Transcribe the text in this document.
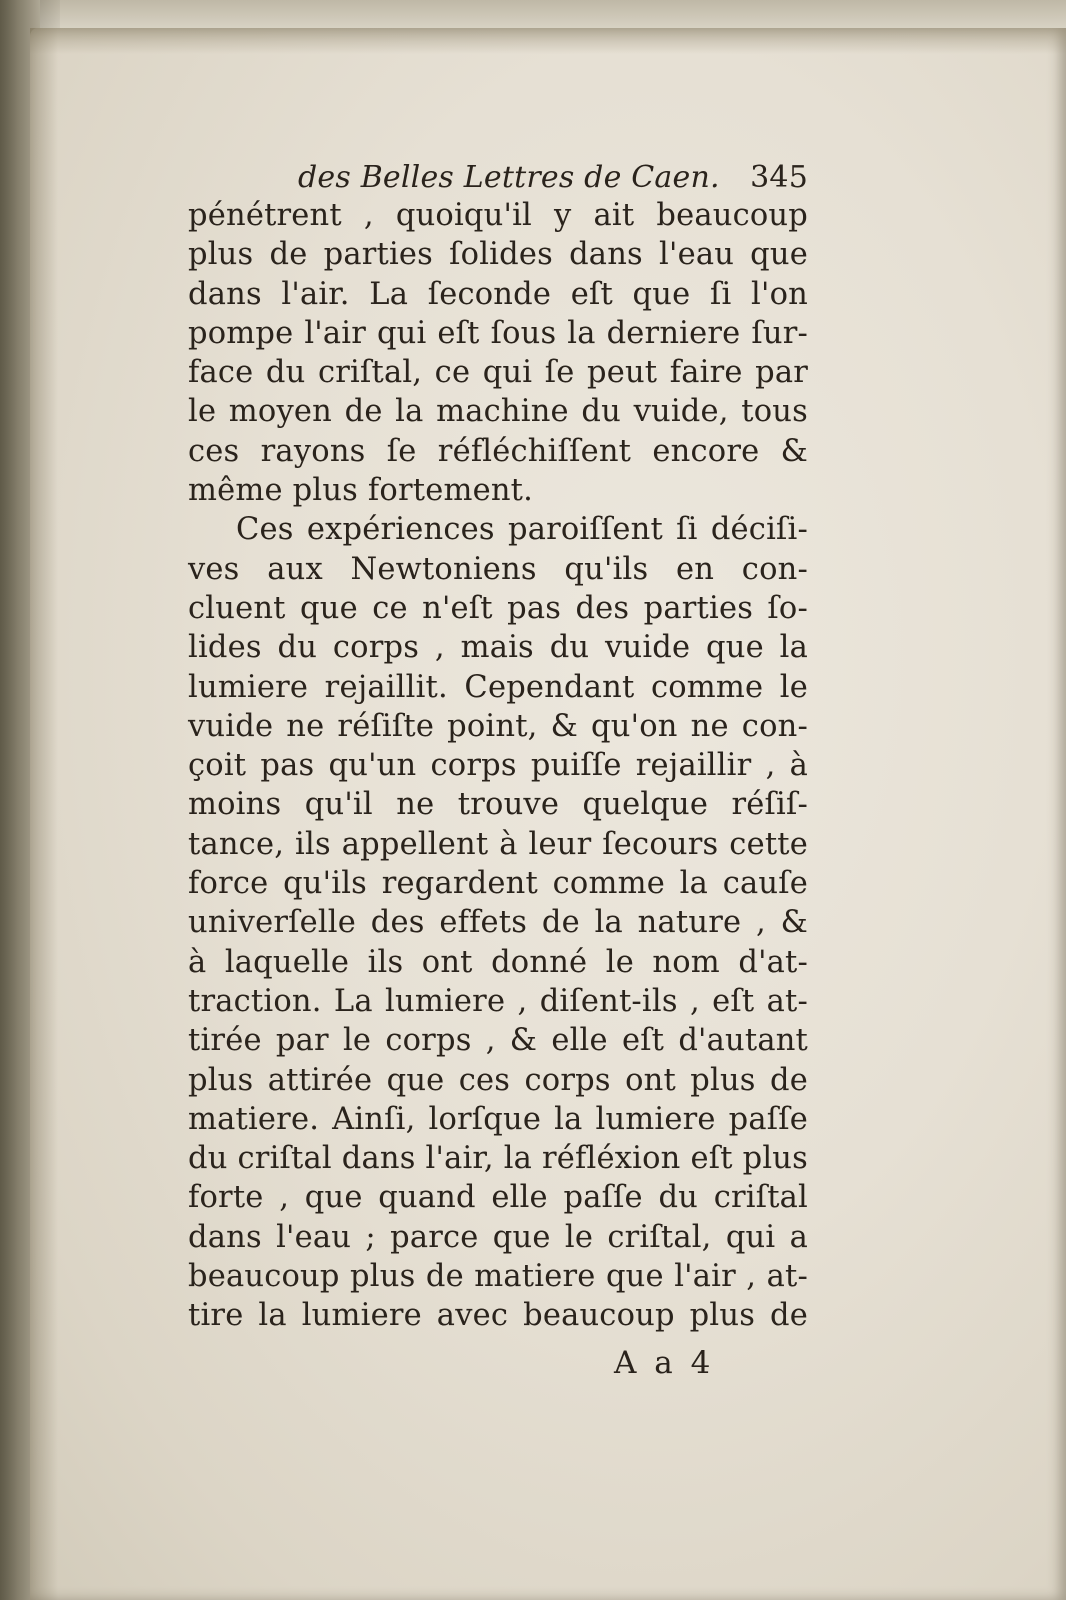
des Belles Lettres de Caen. 345
pénétrent , quoiqu'il y ait beaucoup
plus de parties ſolides dans l'eau que
dans l'air. La ſeconde eſt que ſi l'on
pompe l'air qui eſt ſous la derniere ſur-
face du criſtal, ce qui ſe peut faire par
le moyen de la machine du vuide, tous
ces rayons ſe réfléchiſſent encore &
même plus fortement.
Ces expériences paroiſſent ſi déciſi-
ves aux Newtoniens qu'ils en con-
cluent que ce n'eſt pas des parties ſo-
lides du corps , mais du vuide que la
lumiere rejaillit. Cependant comme le
vuide ne réſiſte point, & qu'on ne con-
çoit pas qu'un corps puiſſe rejaillir , à
moins qu'il ne trouve quelque réſiſ-
tance, ils appellent à leur ſecours cette
force qu'ils regardent comme la cauſe
univerſelle des effets de la nature , &
à laquelle ils ont donné le nom d'at-
traction. La lumiere , diſent-ils , eſt at-
tirée par le corps , & elle eſt d'autant
plus attirée que ces corps ont plus de
matiere. Ainſi, lorſque la lumiere paſſe
du criſtal dans l'air, la réfléxion eſt plus
forte , que quand elle paſſe du criſtal
dans l'eau ; parce que le criſtal, qui a
beaucoup plus de matiere que l'air , at-
tire la lumiere avec beaucoup plus de
A a 4
